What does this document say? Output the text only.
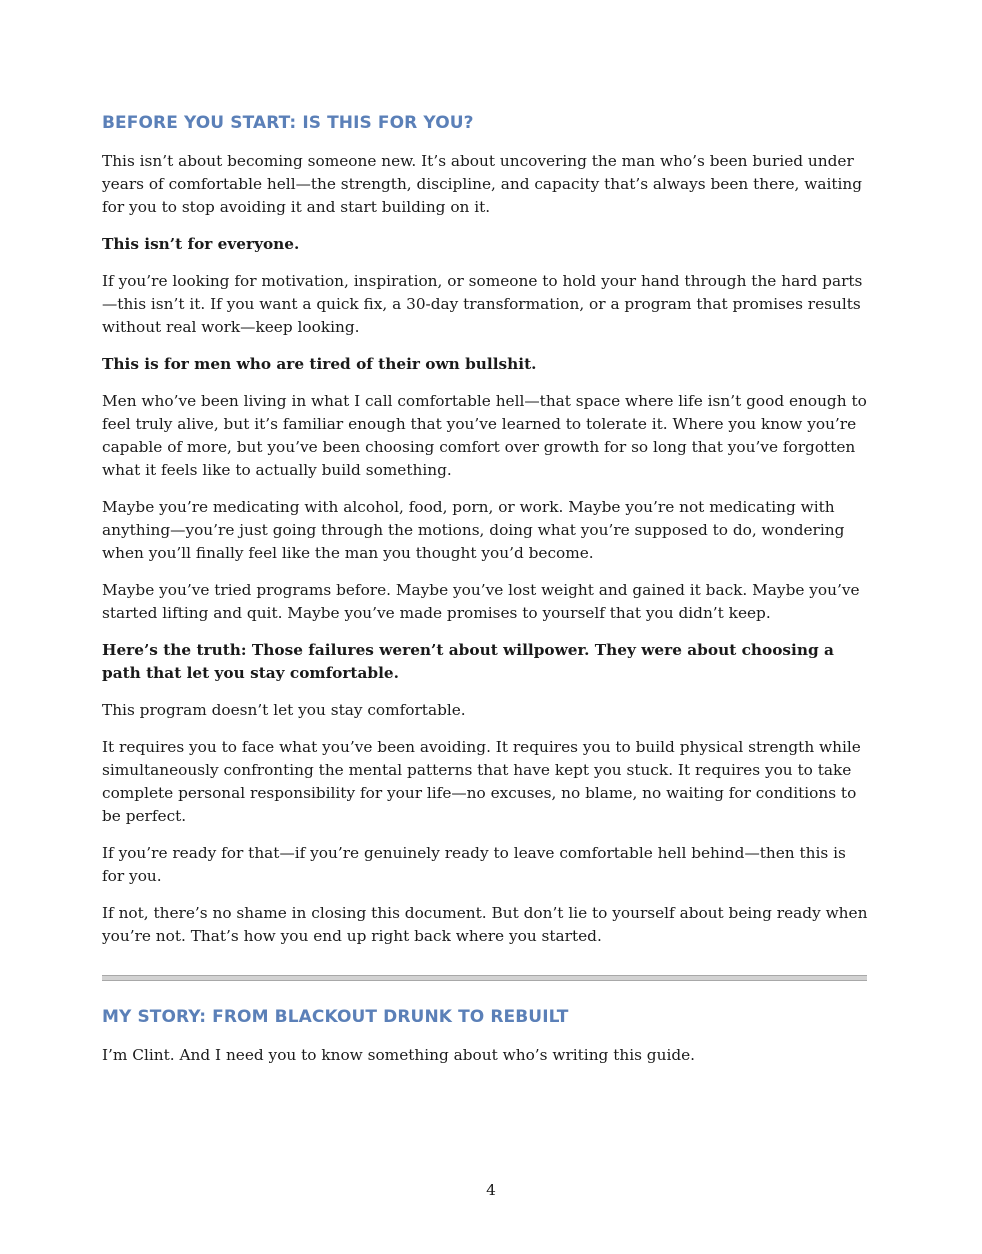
BEFORE YOU START: IS THIS FOR YOU?

This isn’t about becoming someone new. It’s about uncovering the man who’s been buried under years of comfortable hell—the strength, discipline, and capacity that’s always been there, waiting for you to stop avoiding it and start building on it.

This isn’t for everyone.

If you’re looking for motivation, inspiration, or someone to hold your hand through the hard parts—this isn’t it. If you want a quick fix, a 30-day transformation, or a program that promises results without real work—keep looking.

This is for men who are tired of their own bullshit.

Men who’ve been living in what I call comfortable hell—that space where life isn’t good enough to feel truly alive, but it’s familiar enough that you’ve learned to tolerate it. Where you know you’re capable of more, but you’ve been choosing comfort over growth for so long that you’ve forgotten what it feels like to actually build something.

Maybe you’re medicating with alcohol, food, porn, or work. Maybe you’re not medicating with anything—you’re just going through the motions, doing what you’re supposed to do, wondering when you’ll finally feel like the man you thought you’d become.

Maybe you’ve tried programs before. Maybe you’ve lost weight and gained it back. Maybe you’ve started lifting and quit. Maybe you’ve made promises to yourself that you didn’t keep.

Here’s the truth: Those failures weren’t about willpower. They were about choosing a path that let you stay comfortable.

This program doesn’t let you stay comfortable.

It requires you to face what you’ve been avoiding. It requires you to build physical strength while simultaneously confronting the mental patterns that have kept you stuck. It requires you to take complete personal responsibility for your life—no excuses, no blame, no waiting for conditions to be perfect.

If you’re ready for that—if you’re genuinely ready to leave comfortable hell behind—then this is for you.

If not, there’s no shame in closing this document. But don’t lie to yourself about being ready when you’re not. That’s how you end up right back where you started.

MY STORY: FROM BLACKOUT DRUNK TO REBUILT

I’m Clint. And I need you to know something about who’s writing this guide.

4
